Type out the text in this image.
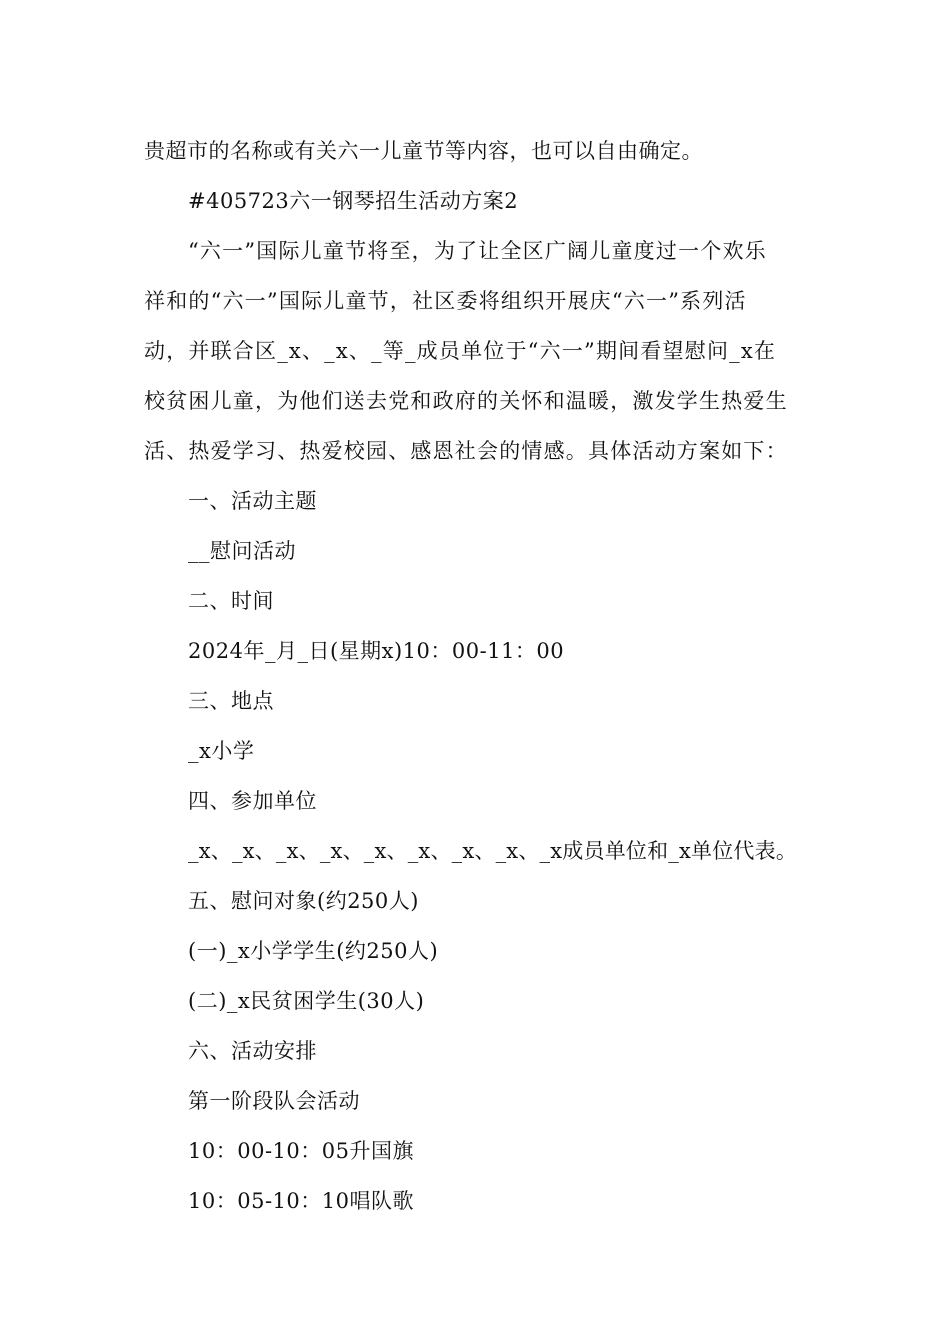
贵超市的名称或有关六一儿童节等内容，也可以自由确定。
#405723六一钢琴招生活动方案2
“六一”国际儿童节将至，为了让全区广阔儿童度过一个欢乐
祥和的“六一”国际儿童节，社区委将组织开展庆“六一”系列活
动，并联合区_x、_x、_等_成员单位于“六一”期间看望慰问_x在
校贫困儿童，为他们送去党和政府的关怀和温暖，激发学生热爱生
活、热爱学习、热爱校园、感恩社会的情感。具体活动方案如下：
一、活动主题
__慰问活动
二、时间
2024年_月_日(星期x)10：00-11：00
三、地点
_x小学
四、参加单位
_x、_x、_x、_x、_x、_x、_x、_x、_x成员单位和_x单位代表。
五、慰问对象(约250人)
(一)_x小学学生(约250人)
(二)_x民贫困学生(30人)
六、活动安排
第一阶段队会活动
10：00-10：05升国旗
10：05-10：10唱队歌
